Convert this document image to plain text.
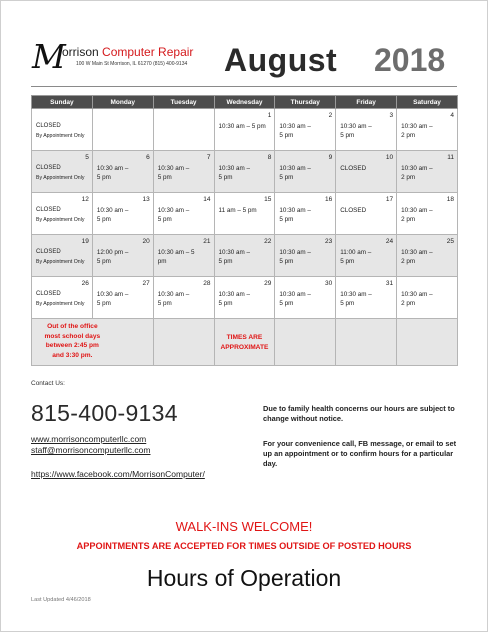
M
orrison Computer Repair
100 W Main St Morrison, IL 61270 (815) 400-9134 August 2018
Sunday	Monday	Tuesday	Wednesday	Thursday	Friday	Saturday

CLOSED

By Appointment Only			1
10:30 am – 5 pm	2
10:30 am –
5 pm	3
10:30 am –
5 pm	4
10:30 am –
2 pm

5
CLOSED

By Appointment Only	6
10:30 am –
5 pm	7
10:30 am –
5 pm	8
10:30 am –
5 pm	9
10:30 am –
5 pm	10
CLOSED	11
10:30 am –
2 pm

12
CLOSED

By Appointment Only	13
10:30 am –
5 pm	14
10:30 am –
5 pm	15
11 am – 5 pm	16
10:30 am –
5 pm	17
CLOSED	18
10:30 am –
2 pm

19
CLOSED

By Appointment Only	20
12:00 pm –
5 pm	21
10:30 am – 5
pm	22
10:30 am –
5 pm	23
10:30 am –
5 pm	24
11:00 am –
5 pm	25
10:30 am –
2 pm

26
CLOSED

By Appointment Only	27
10:30 am –
5 pm	28
10:30 am –
5 pm	29
10:30 am –
5 pm	30
10:30 am –
5 pm	31
10:30 am –
5 pm	10:30 am –
2 pm

Out of the office most school days between 2:45 pm and 3:30 pm.			TIMES ARE APPROXIMATE			

Contact Us:
815-400-9134
www.morrisoncomputerllc.com
staff@morrisoncomputerllc.com
https://www.facebook.com/MorrisonComputer/
Due to family health concerns our hours are subject to change without notice.
For your convenience call, FB message, or email to set up an appointment or to confirm hours for a particular day.
WALK-INS WELCOME!
APPOINTMENTS ARE ACCEPTED FOR TIMES OUTSIDE OF POSTED HOURS
Hours of Operation
Last Updated 4/46/2018
